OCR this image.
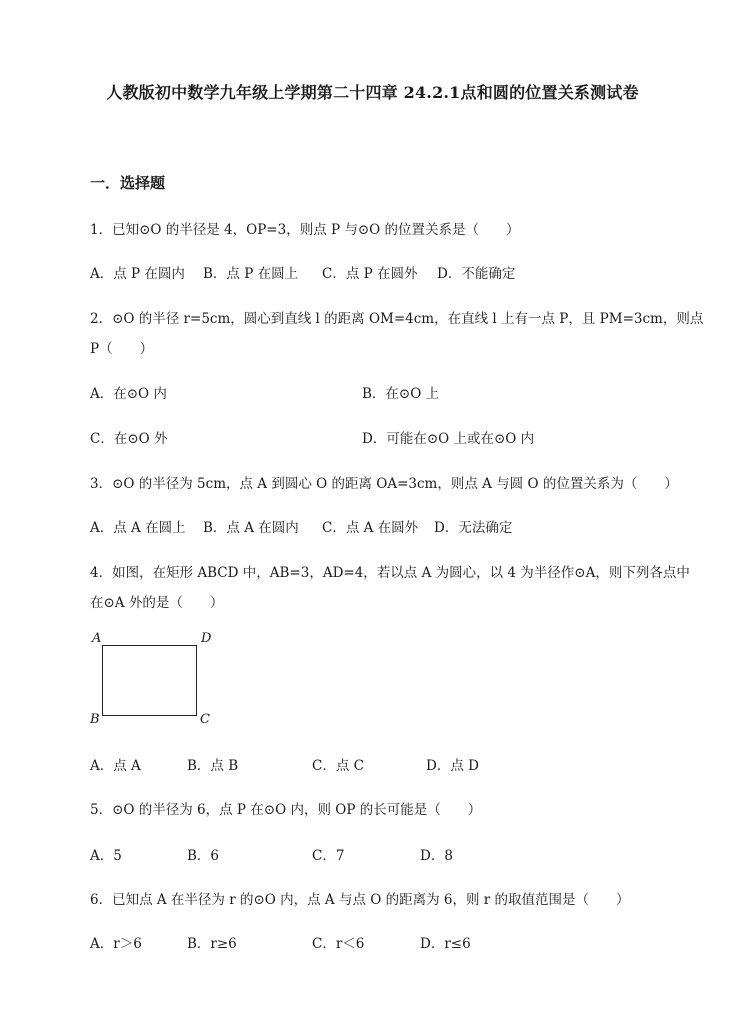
人教版初中数学九年级上学期第二十四章 24.2.1点和圆的位置关系测试卷
一．选择题
1．已知⊙O 的半径是 4，OP=3，则点 P 与⊙O 的位置关系是（　　）
A．点 P 在圆内 B．点 P 在圆上 C．点 P 在圆外 D．不能确定
2．⊙O 的半径 r=5cm，圆心到直线 l 的距离 OM=4cm，在直线 l 上有一点 P，且 PM=3cm，则点
P（　　）
A．在⊙O 内	B．在⊙O 上
C．在⊙O 外	D．可能在⊙O 上或在⊙O 内
3．⊙O 的半径为 5cm，点 A 到圆心 O 的距离 OA=3cm，则点 A 与圆 O 的位置关系为（　　）
A．点 A 在圆上 B．点 A 在圆内 C．点 A 在圆外 D．无法确定
4．如图，在矩形 ABCD 中，AB=3，AD=4，若以点 A 为圆心，以 4 为半径作⊙A，则下列各点中
在⊙A 外的是（　　）
A	D
B	C
A．点 A	B．点 B	C．点 C	D．点 D
5．⊙O 的半径为 6，点 P 在⊙O 内，则 OP 的长可能是（　　）
A．5	B．6	C．7	D．8
6．已知点 A 在半径为 r 的⊙O 内，点 A 与点 O 的距离为 6，则 r 的取值范围是（　　）
A．r＞6	B．r≥6	C．r＜6	D．r≤6
